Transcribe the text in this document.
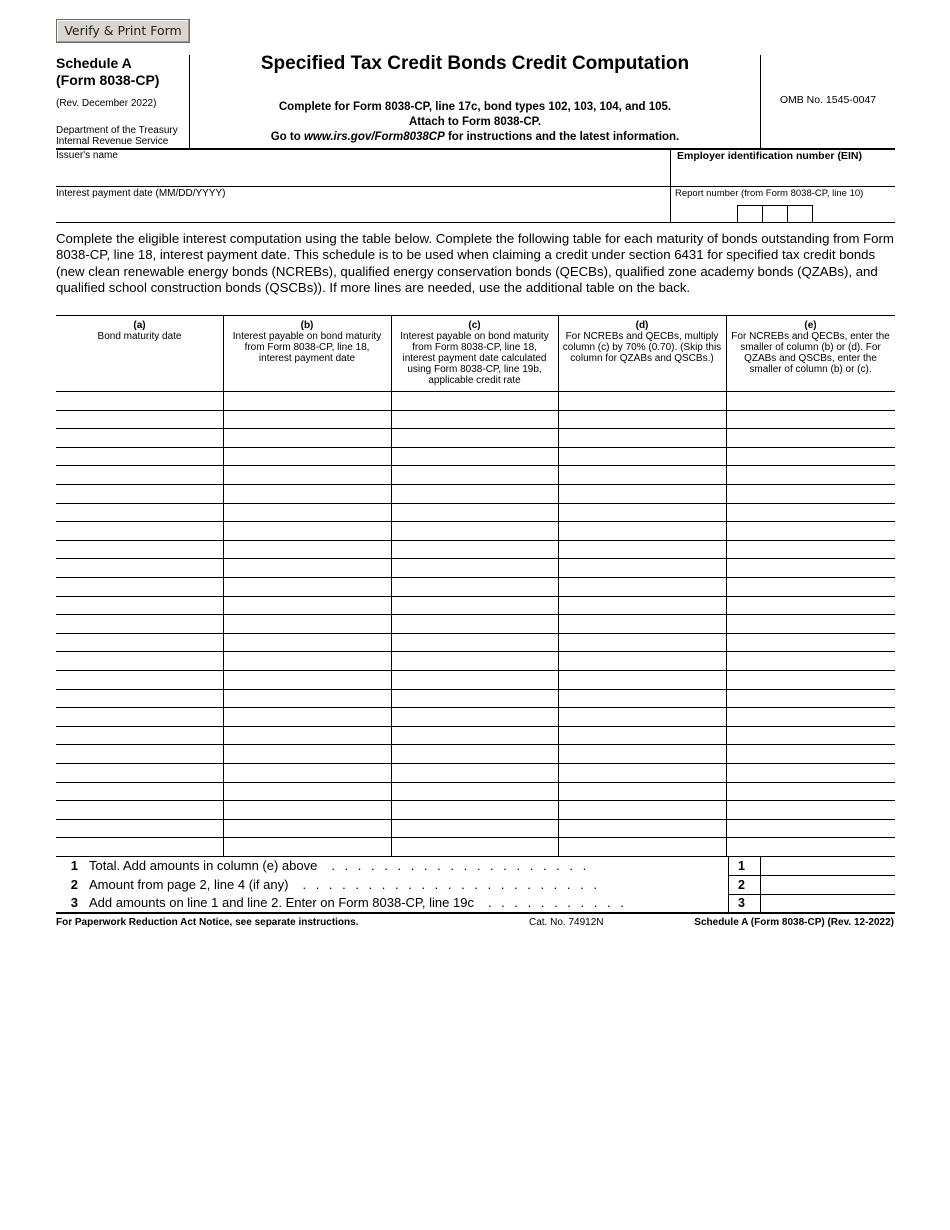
Verify & Print Form
Schedule A
(Form 8038-CP)
(Rev. December 2022)
Department of the Treasury
Internal Revenue Service
Specified Tax Credit Bonds Credit Computation
Complete for Form 8038-CP, line 17c, bond types 102, 103, 104, and 105.
Attach to Form 8038-CP.
Go to www.irs.gov/Form8038CP for instructions and the latest information.
OMB No. 1545-0047
Issuer's name	Employer identification number (EIN)
Interest payment date (MM/DD/YYYY)	Report number (from Form 8038-CP, line 10)
Complete the eligible interest computation using the table below. Complete the following table for each maturity of bonds outstanding from Form 8038-CP, line 18, interest payment date. This schedule is to be used when claiming a credit under section 6431 for specified tax credit bonds (new clean renewable energy bonds (NCREBs), qualified energy conservation bonds (QECBs), qualified zone academy bonds (QZABs), and qualified school construction bonds (QSCBs)). If more lines are needed, use the additional table on the back.
(a)
Bond maturity date
(b)
Interest payable on bond maturity from Form 8038-CP, line 18, interest payment date
(c)
Interest payable on bond maturity from Form 8038-CP, line 18, interest payment date calculated using Form 8038-CP, line 19b, applicable credit rate
(d)
For NCREBs and QECBs, multiply column (c) by 70% (0.70). (Skip this column for QZABs and QSCBs.)
(e)
For NCREBs and QECBs, enter the smaller of column (b) or (d). For QZABs and QSCBs, enter the smaller of column (b) or (c).
1 Total. Add amounts in column (e) above . . . . . . . . . . . . . . . . . . . .	1
2 Amount from page 2, line 4 (if any) . . . . . . . . . . . . . . . . . . . . . . .	2
3 Add amounts on line 1 and line 2. Enter on Form 8038-CP, line 19c . . . . . . . . . . .	3
For Paperwork Reduction Act Notice, see separate instructions.	Cat. No. 74912N	Schedule A (Form 8038-CP) (Rev. 12-2022)
